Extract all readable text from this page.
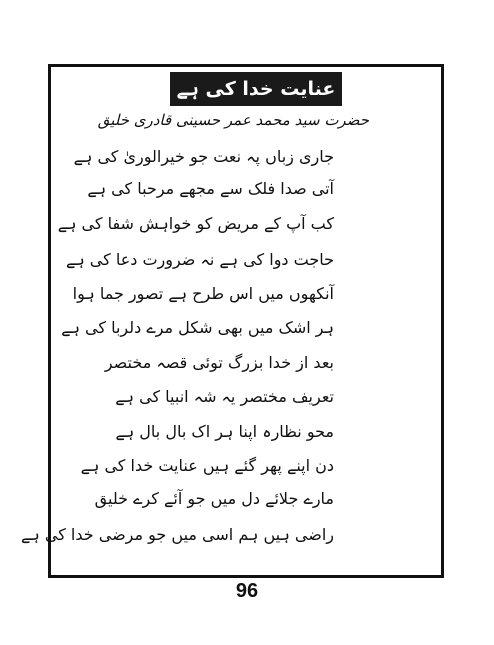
عنایت خدا کی ہے
حضرت سید محمد عمر حسینی قادری خلیق
جاری زباں پہ نعت جو خیرالوریٰ کی ہے
آتی صدا فلک سے مجھے مرحبا کی ہے
کب آپ کے مریض کو خواہش شفا کی ہے
حاجت دوا کی ہے نہ ضرورت دعا کی ہے
آنکھوں میں اس طرح ہے تصور جما ہوا
ہر اشک میں بھی شکل مرے دلربا کی ہے
بعد از خدا بزرگ توئی قصہ مختصر
تعریف مختصر یہ شہ انبیا کی ہے
محو نظارہ اپنا ہر اک بال بال ہے
دن اپنے پھر گئے ہیں عنایت خدا کی ہے
مارے جلائے دل میں جو آئے کرے خلیق
راضی ہیں ہم اسی میں جو مرضی خدا کی ہے
96
